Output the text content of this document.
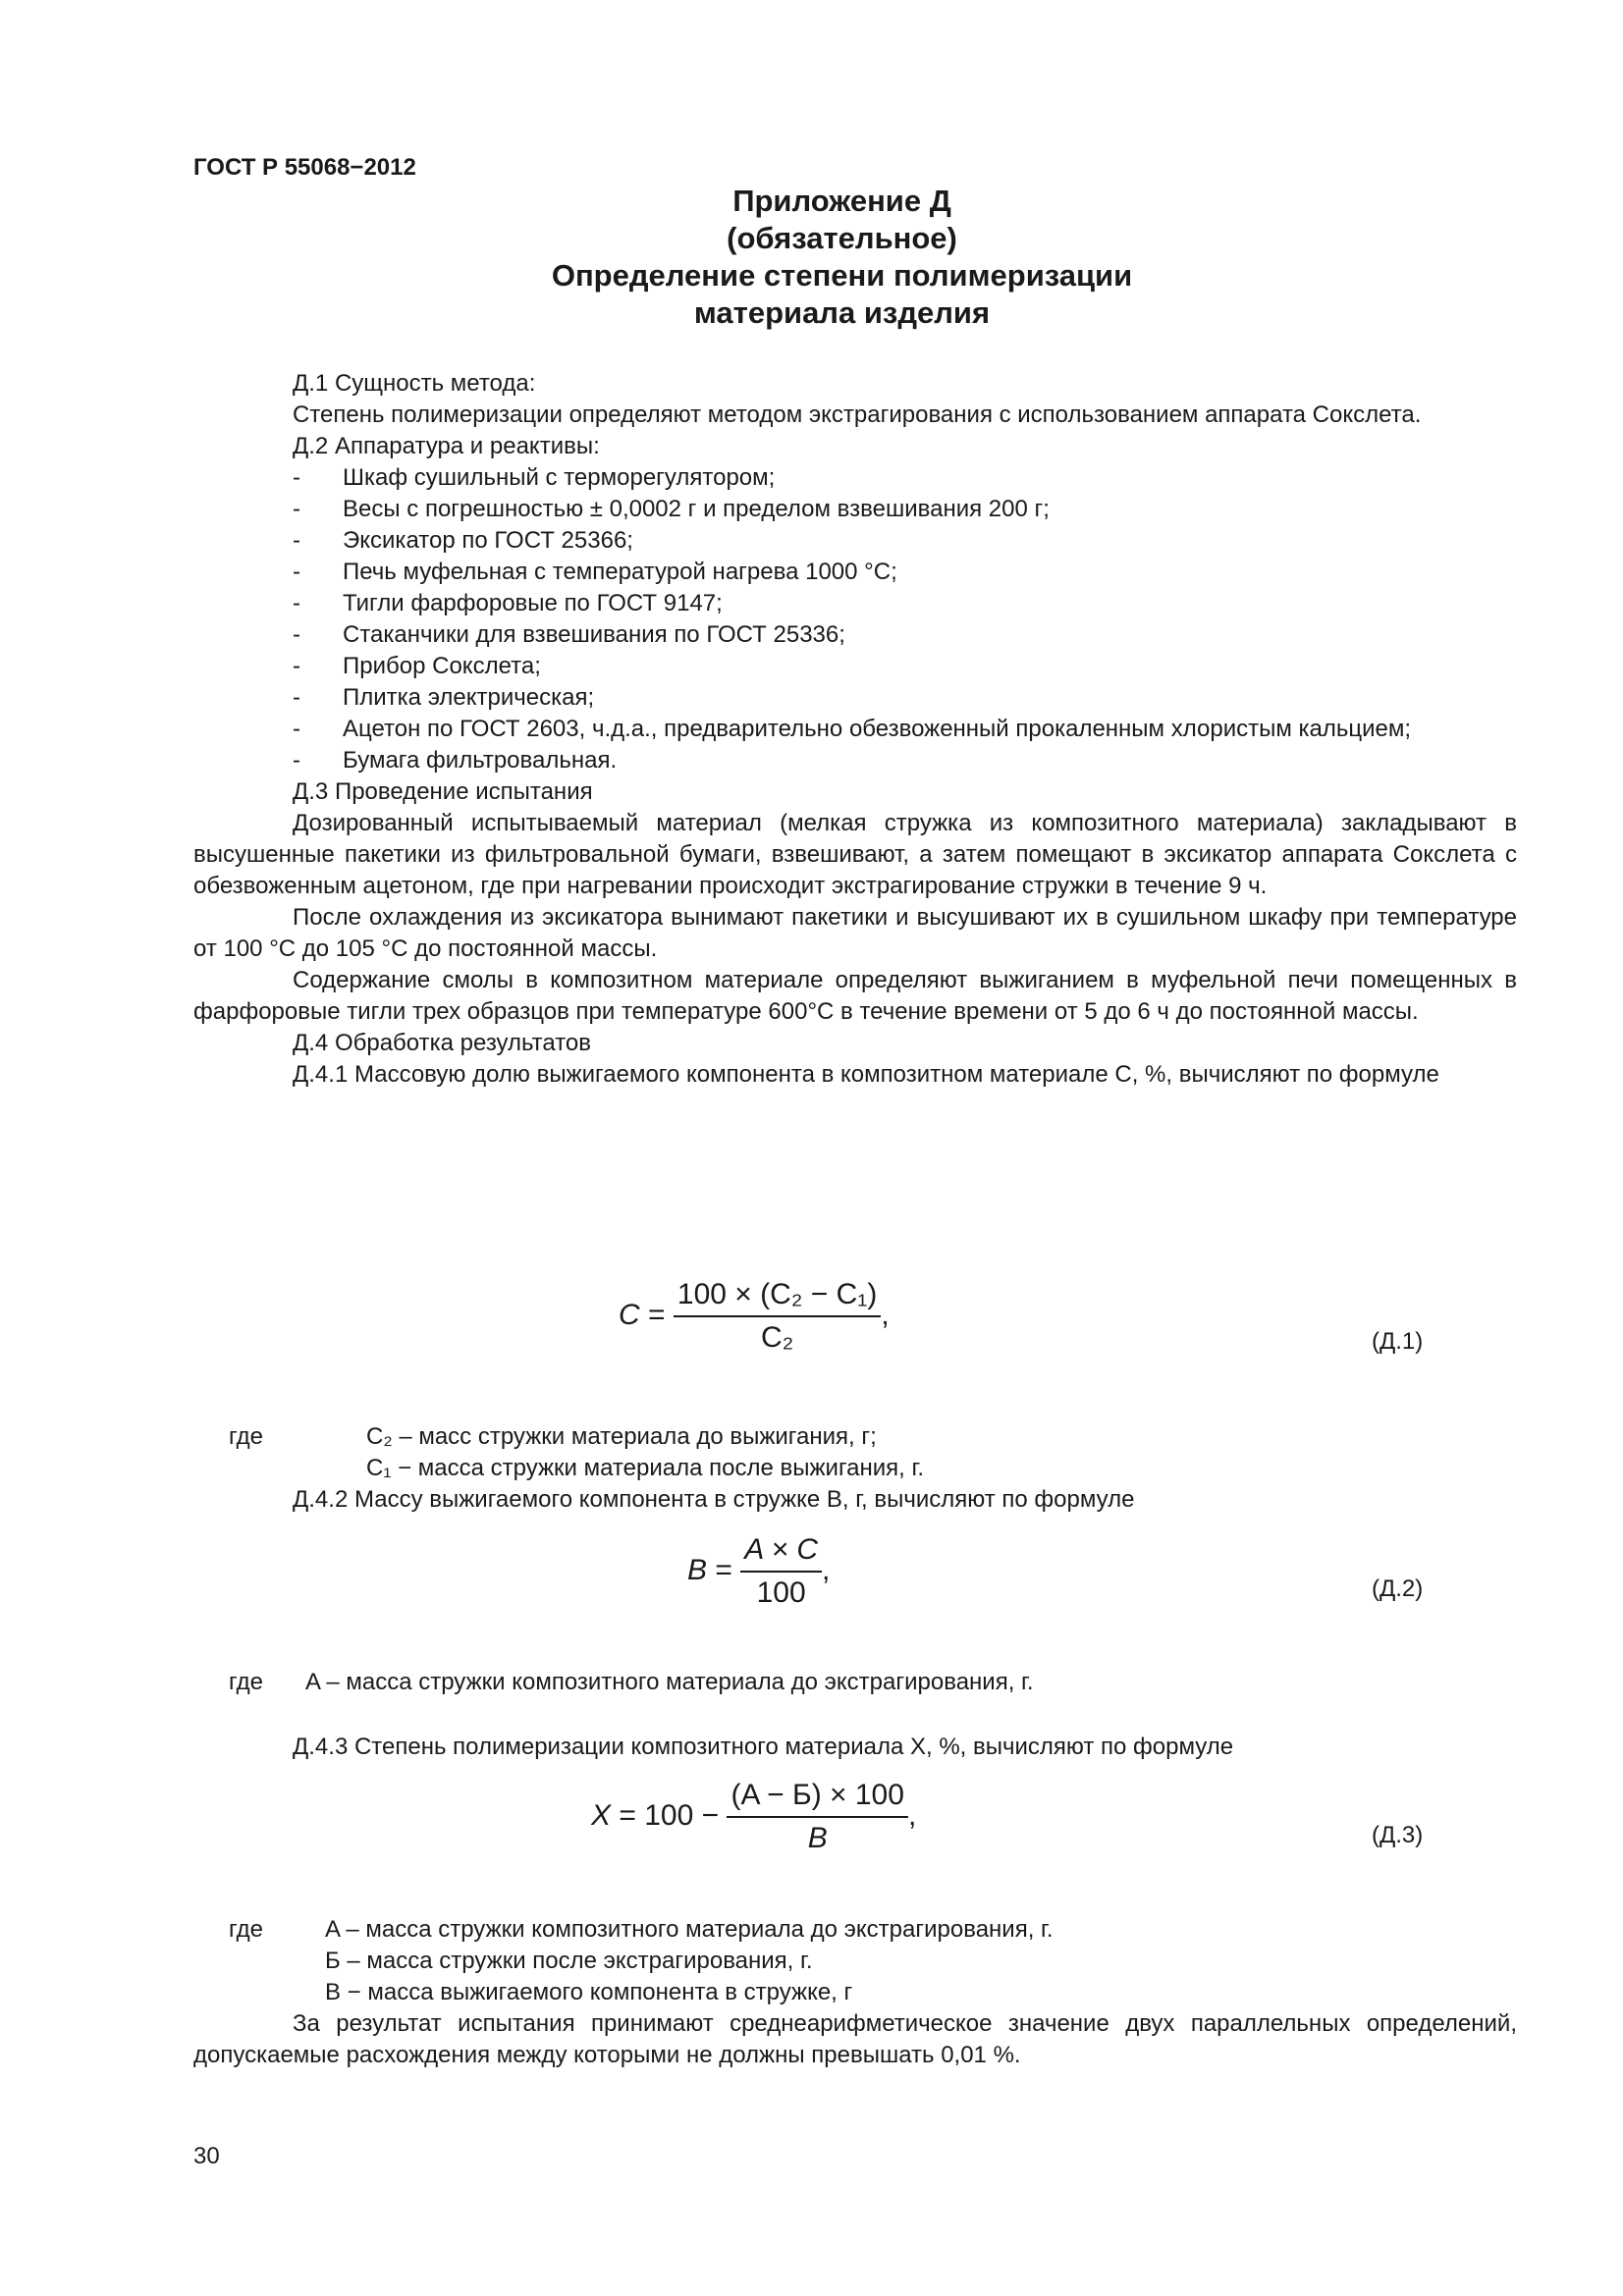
ГОСТ Р 55068−2012
Приложение Д
(обязательное)
Определение степени полимеризации
материала изделия

Д.1 Сущность метода:

Степень полимеризации определяют методом экстрагирования с использованием аппарата Сокслета.

Д.2 Аппаратура и реактивы:

- Шкаф сушильный с терморегулятором;
- Весы с погрешностью ± 0,0002 г и пределом взвешивания 200 г;
- Эксикатор по ГОСТ 25366;
- Печь муфельная с температурой нагрева 1000 °С;
- Тигли фарфоровые по ГОСТ 9147;
- Стаканчики для взвешивания по ГОСТ 25336;
- Прибор Сокслета;
- Плитка электрическая;
- Ацетон по ГОСТ 2603, ч.д.а., предварительно обезвоженный прокаленным хлористым кальцием;
- Бумага фильтровальная.

Д.3 Проведение испытания

Дозированный испытываемый материал (мелкая стружка из композитного материала) закладывают в высушенные пакетики из фильтровальной бумаги, взвешивают, а затем помещают в эксикатор аппарата Сокслета с обезвоженным ацетоном, где при нагревании происходит экстрагирование стружки в течение 9 ч.

После охлаждения из эксикатора вынимают пакетики и высушивают их в сушильном шкафу при температуре от 100 °С до 105 °С до постоянной массы.

Содержание смолы в композитном материале определяют выжиганием в муфельной печи помещенных в фарфоровые тигли трех образцов при температуре 600°С в течение времени от 5 до 6 ч до постоянной массы.

Д.4 Обработка результатов

Д.4.1 Массовую долю выжигаемого компонента в композитном материале С, %, вычисляют по формуле

$C = \frac{\text{100 × (C₂ − C₁)}}{\text{C₂}}$ ,
(Д.1)
где	C₂ – масс стружки материала до выжигания, г;
C₁ − масса стружки материала после выжигания, г.
Д.4.2 Массу выжигаемого компонента в стружке В, г, вычисляют по формуле
$B = \frac{A \times C}{100}$ ,
(Д.2)
где A – масса стружки композитного материала до экстрагирования, г.
Д.4.3 Степень полимеризации композитного материала Х, %, вычисляют по формуле
$X = 100 - \frac{(A - Б) \times 100}{B}$ ,
(Д.3)
где	A – масса стружки композитного материала до экстрагирования, г.
Б – масса стружки после экстрагирования, г.
В − масса выжигаемого компонента в стружке, г

За результат испытания принимают среднеарифметическое значение двух параллельных определений, допускаемые расхождения между которыми не должны превышать 0,01 %.

30
